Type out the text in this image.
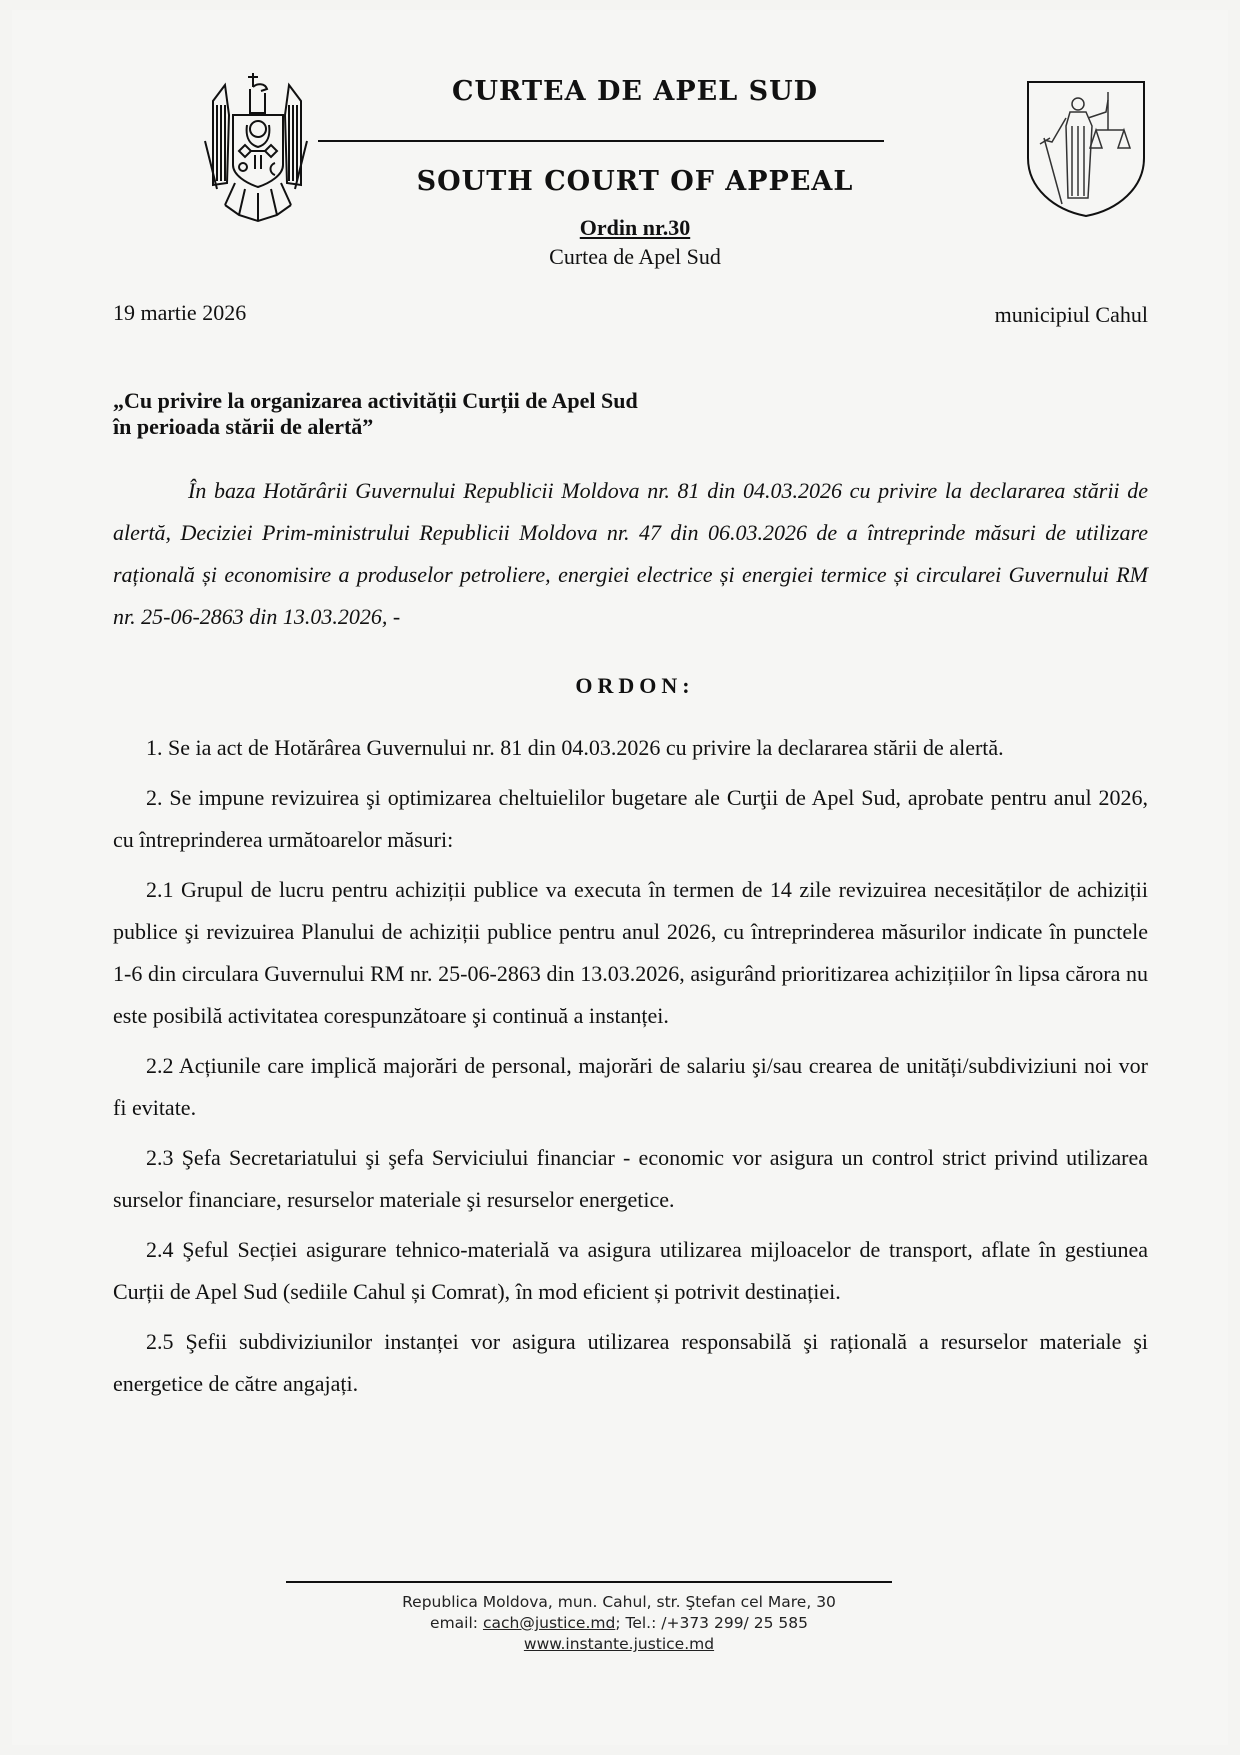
CURTEA DE APEL SUD
SOUTH COURT OF APPEAL
Ordin nr.30
Curtea de Apel Sud
19 martie 2026	municipiul Cahul
„Cu privire la organizarea activității Curții de Apel Sud
în perioada stării de alertă”
În baza Hotărârii Guvernului Republicii Moldova nr. 81 din 04.03.2026 cu privire la declararea stării de alertă, Deciziei Prim-ministrului Republicii Moldova nr. 47 din 06.03.2026 de a întreprinde măsuri de utilizare rațională și economisire a produselor petroliere, energiei electrice și energiei termice și circularei Guvernului RM nr. 25-06-2863 din 13.03.2026, -
ORDON:

1. Se ia act de Hotărârea Guvernului nr. 81 din 04.03.2026 cu privire la declararea stării de alertă.

2. Se impune revizuirea şi optimizarea cheltuielilor bugetare ale Curţii de Apel Sud, aprobate pentru anul 2026, cu întreprinderea următoarelor măsuri:

2.1 Grupul de lucru pentru achiziții publice va executa în termen de 14 zile revizuirea necesităților de achiziții publice şi revizuirea Planului de achiziții publice pentru anul 2026, cu întreprinderea măsurilor indicate în punctele 1-6 din circulara Guvernului RM nr. 25-06-2863 din 13.03.2026, asigurând prioritizarea achizițiilor în lipsa cărora nu este posibilă activitatea corespunzătoare şi continuă a instanței.

2.2 Acțiunile care implică majorări de personal, majorări de salariu şi/sau crearea de unități/subdiviziuni noi vor fi evitate.

2.3 Şefa Secretariatului şi şefa Serviciului financiar - economic vor asigura un control strict privind utilizarea surselor financiare, resurselor materiale şi resurselor energetice.

2.4 Şeful Secției asigurare tehnico-materială va asigura utilizarea mijloacelor de transport, aflate în gestiunea Curții de Apel Sud (sediile Cahul și Comrat), în mod eficient și potrivit destinației.

2.5 Şefii subdiviziunilor instanței vor asigura utilizarea responsabilă şi rațională a resurselor materiale şi energetice de către angajați.

Republica Moldova, mun. Cahul, str. Ştefan cel Mare, 30
email: cach@justice.md; Tel.: /+373 299/ 25 585
www.instante.justice.md
